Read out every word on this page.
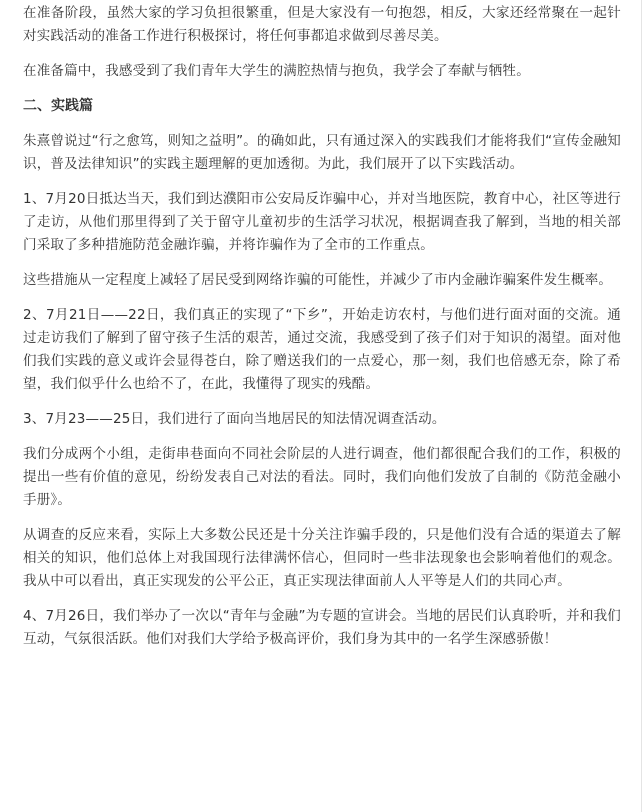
在准备阶段，虽然大家的学习负担很繁重，但是大家没有一句抱怨，相反，大家还经常聚在一起针对实践活动的准备工作进行积极探讨，将任何事都追求做到尽善尽美。

在准备篇中，我感受到了我们青年大学生的满腔热情与抱负，我学会了奉献与牺牲。

二、实践篇

朱熹曾说过“行之愈笃，则知之益明”。的确如此，只有通过深入的实践我们才能将我们“宣传金融知识，普及法律知识”的实践主题理解的更加透彻。为此，我们展开了以下实践活动。

1、7月20日抵达当天，我们到达濮阳市公安局反诈骗中心，并对当地医院，教育中心，社区等进行了走访，从他们那里得到了关于留守儿童初步的生活学习状况，根据调查我了解到，当地的相关部门采取了多种措施防范金融诈骗，并将诈骗作为了全市的工作重点。

这些措施从一定程度上减轻了居民受到网络诈骗的可能性，并减少了市内金融诈骗案件发生概率。

2、7月21日——22日，我们真正的实现了“下乡”，开始走访农村，与他们进行面对面的交流。通过走访我们了解到了留守孩子生活的艰苦，通过交流，我感受到了孩子们对于知识的渴望。面对他们我们实践的意义或许会显得苍白，除了赠送我们的一点爱心，那一刻，我们也倍感无奈，除了希望，我们似乎什么也给不了，在此，我懂得了现实的残酷。

3、7月23——25日，我们进行了面向当地居民的知法情况调查活动。

我们分成两个小组，走街串巷面向不同社会阶层的人进行调查，他们都很配合我们的工作，积极的提出一些有价值的意见，纷纷发表自己对法的看法。同时，我们向他们发放了自制的《防范金融小手册》。

从调查的反应来看，实际上大多数公民还是十分关注诈骗手段的，只是他们没有合适的渠道去了解相关的知识，他们总体上对我国现行法律满怀信心，但同时一些非法现象也会影响着他们的观念。我从中可以看出，真正实现发的公平公正，真正实现法律面前人人平等是人们的共同心声。

4、7月26日，我们举办了一次以“青年与金融”为专题的宣讲会。当地的居民们认真聆听，并和我们互动，气氛很活跃。他们对我们大学给予极高评价，我们身为其中的一名学生深感骄傲！
